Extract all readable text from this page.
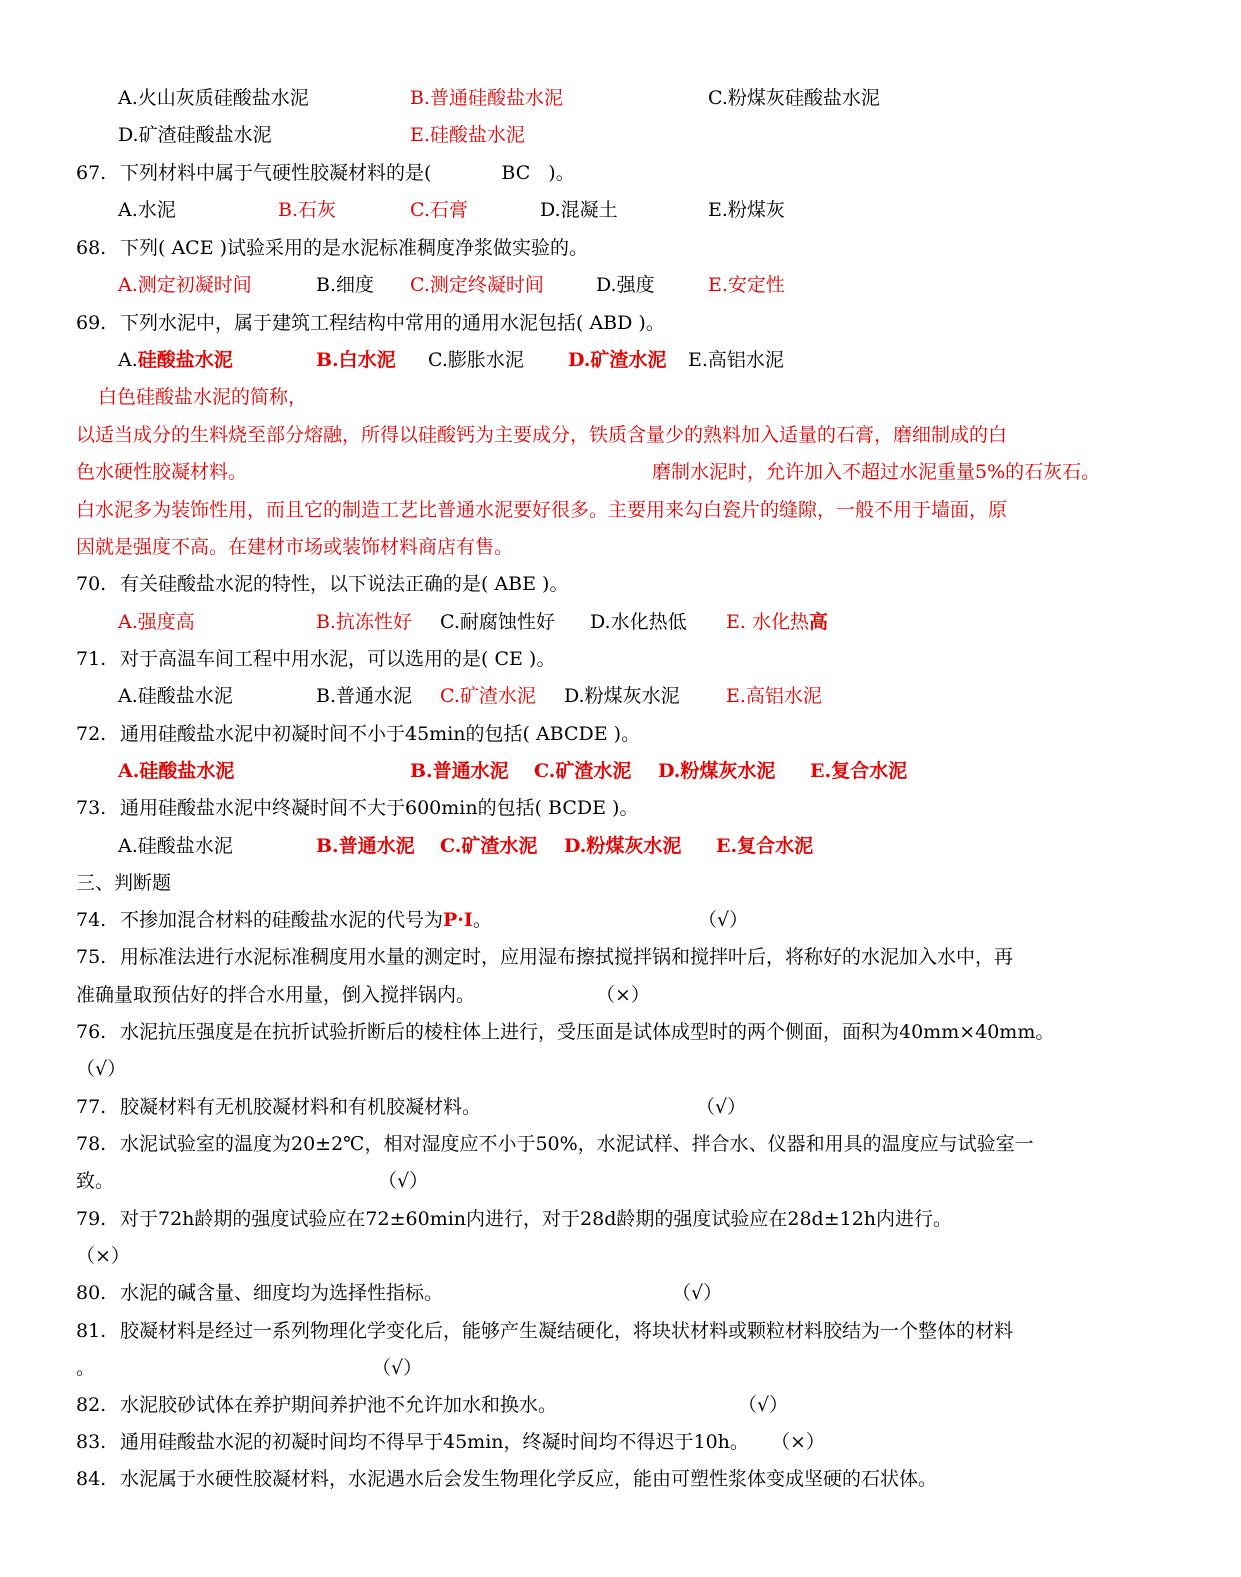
A.火山灰质硅酸盐水泥	B.普通硅酸盐水泥	C.粉煤灰硅酸盐水泥
D.矿渣硅酸盐水泥	E.硅酸盐水泥
67. 下列材料中属于气硬性胶凝材料的是(	BC )。
A.水泥	B.石灰	C.石膏	D.混凝土	E.粉煤灰
68. 下列( ACE )试验采用的是水泥标准稠度净浆做实验的。
A.测定初凝时间	B.细度 C.测定终凝时间	D.强度	E.安定性
69. 下列水泥中，属于建筑工程结构中常用的通用水泥包括( ABD )。
A.硅酸盐水泥	B.白水泥 C.膨胀水泥 D.矿渣水泥 E.高铝水泥
白色硅酸盐水泥的简称，
以适当成分的生料烧至部分熔融，所得以硅酸钙为主要成分，铁质含量少的熟料加入适量的石膏，磨细制成的白
色水硬性胶凝材料。	磨制水泥时，允许加入不超过水泥重量5%的石灰石。
白水泥多为装饰性用，而且它的制造工艺比普通水泥要好很多。主要用来勾白瓷片的缝隙，一般不用于墙面，原
因就是强度不高。在建材市场或装饰材料商店有售。
70. 有关硅酸盐水泥的特性，以下说法正确的是( ABE )。
A.强度高	B.抗冻性好 C.耐腐蚀性好 D.水化热低 E. 水化热高
71. 对于高温车间工程中用水泥，可以选用的是( CE )。
A.硅酸盐水泥	B.普通水泥 C.矿渣水泥 D.粉煤灰水泥 E.高铝水泥
72. 通用硅酸盐水泥中初凝时间不小于45min的包括( ABCDE )。
A.硅酸盐水泥	B.普通水泥 C.矿渣水泥 D.粉煤灰水泥 E.复合水泥
73. 通用硅酸盐水泥中终凝时间不大于600min的包括( BCDE )。
A.硅酸盐水泥	B.普通水泥 C.矿渣水泥 D.粉煤灰水泥 E.复合水泥
三、判断题
74. 不掺加混合材料的硅酸盐水泥的代号为P·I。	（√）
75. 用标准法进行水泥标准稠度用水量的测定时，应用湿布擦拭搅拌锅和搅拌叶后，将称好的水泥加入水中，再
准确量取预估好的拌合水用量，倒入搅拌锅内。	（×）
76. 水泥抗压强度是在抗折试验折断后的棱柱体上进行，受压面是试体成型时的两个侧面，面积为40mm×40mm。
（√）
77. 胶凝材料有无机胶凝材料和有机胶凝材料。	（√）
78. 水泥试验室的温度为20±2℃，相对湿度应不小于50%，水泥试样、拌合水、仪器和用具的温度应与试验室一
致。	（√）
79. 对于72h龄期的强度试验应在72±60min内进行，对于28d龄期的强度试验应在28d±12h内进行。
（×）
80. 水泥的碱含量、细度均为选择性指标。	（√）
81. 胶凝材料是经过一系列物理化学变化后，能够产生凝结硬化，将块状材料或颗粒材料胶结为一个整体的材料
。	（√）
82. 水泥胶砂试体在养护期间养护池不允许加水和换水。	（√）
83. 通用硅酸盐水泥的初凝时间均不得早于45min，终凝时间均不得迟于10h。 （×）
84. 水泥属于水硬性胶凝材料，水泥遇水后会发生物理化学反应，能由可塑性浆体变成坚硬的石状体。
